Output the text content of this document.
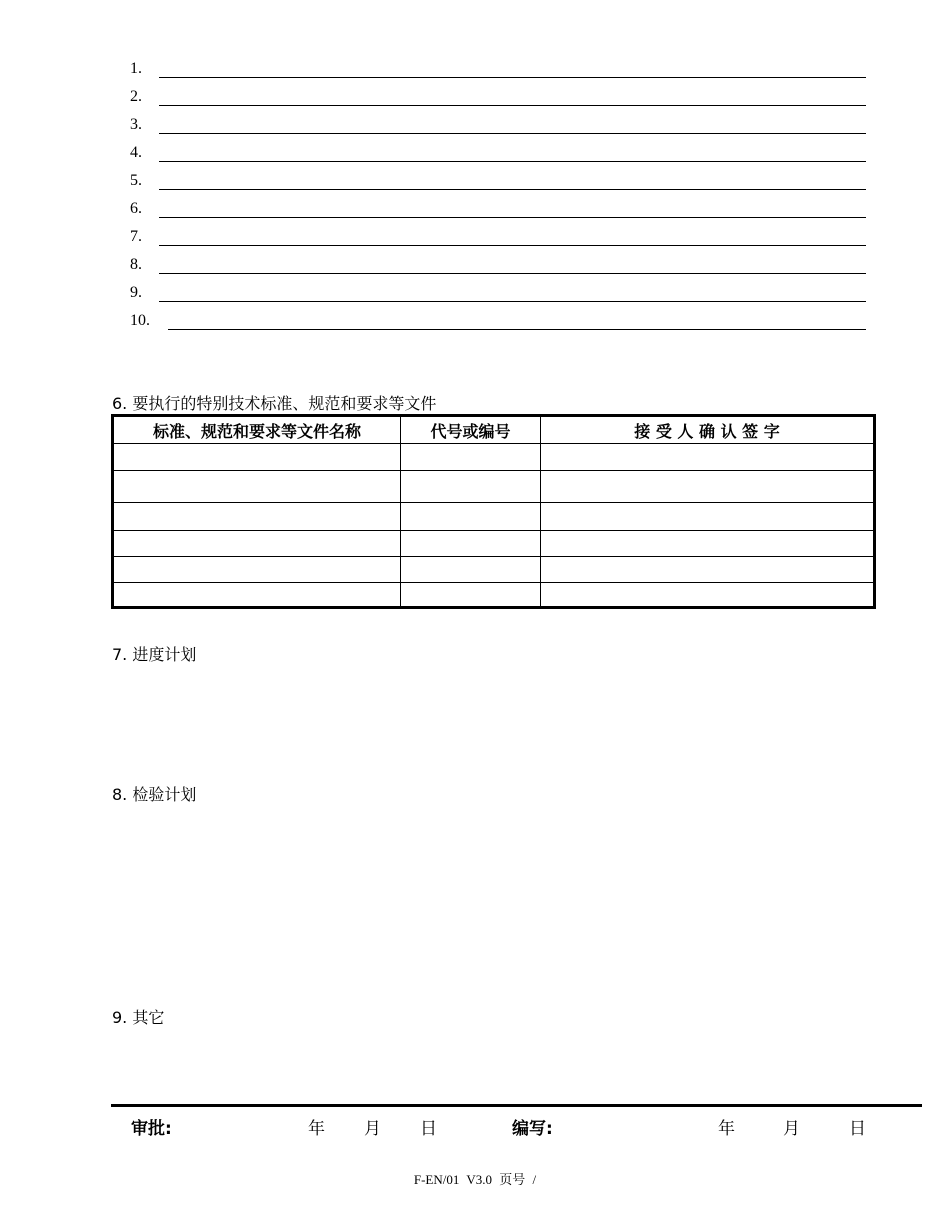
1.
2.
3.
4.
5.
6.
7.
8.
9.
10.
6. 要执行的特别技术标准、规范和要求等文件
标准、规范和要求等文件名称	代号或编号	接 受 人 确 认 签 字

7. 进度计划
8. 检验计划
9. 其它
审批:	年 月 日	编写:	年	月	日
F-EN/01 V3.0 页号 /
